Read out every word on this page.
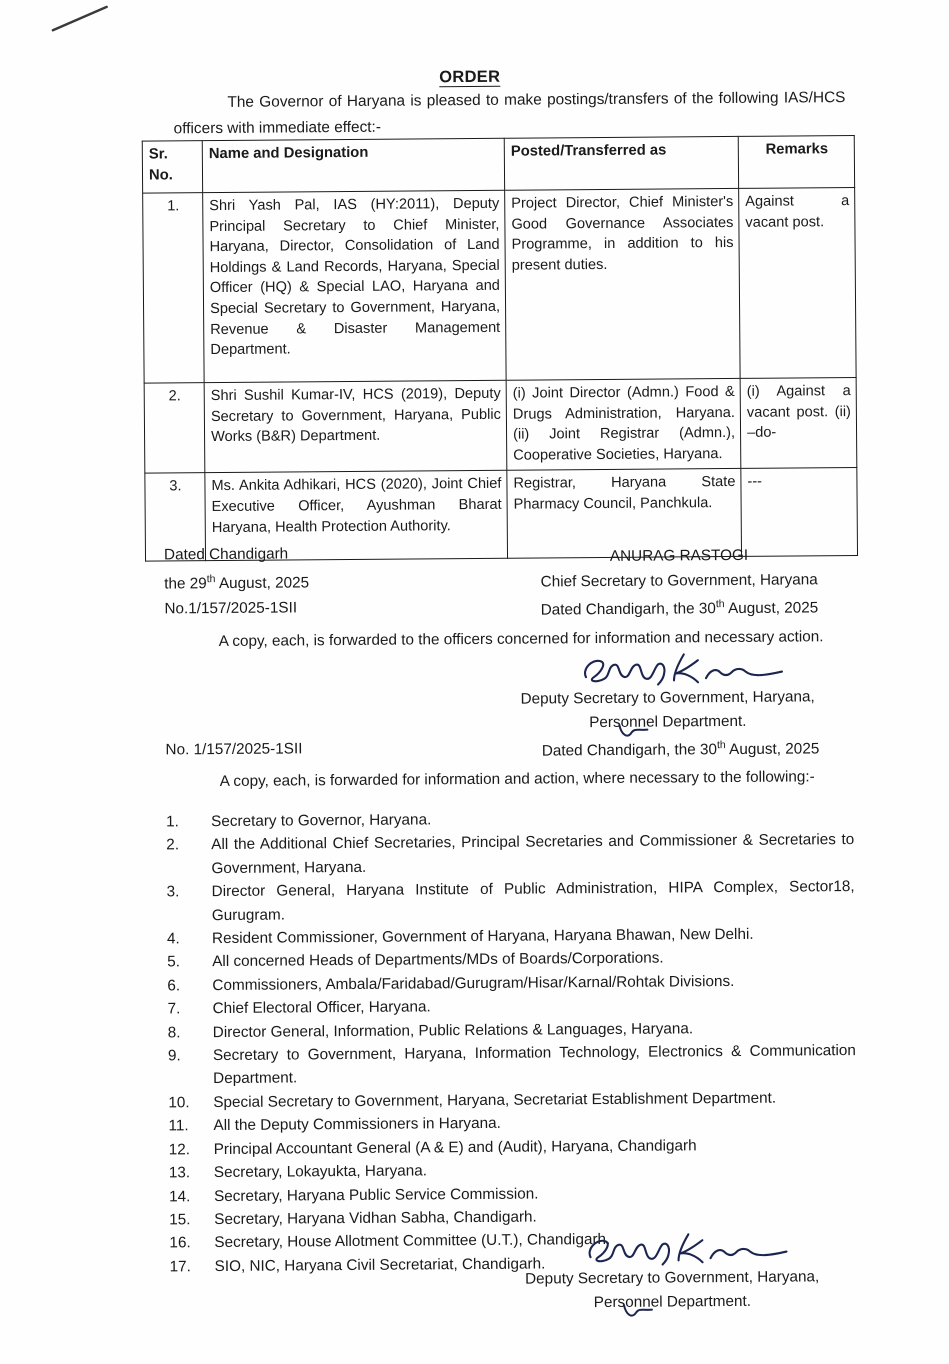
ORDER
The Governor of Haryana is pleased to make postings/transfers of the following IAS/HCS officers with immediate effect:-
Sr.
No.	Name and Designation	Posted/Transferred as	Remarks
1.	Shri Yash Pal, IAS (HY:2011), Deputy Principal Secretary to Chief Minister, Haryana, Director, Consolidation of Land Holdings & Land Records, Haryana, Special Officer (HQ) & Special LAO, Haryana and Special Secretary to Government, Haryana, Revenue & Disaster Management Department.	Project Director, Chief Minister's Good Governance Associates Programme, in addition to his present duties.	Against a vacant post.
2.	Shri Sushil Kumar-IV, HCS (2019), Deputy Secretary to Government, Haryana, Public Works (B&R) Department.	(i) Joint Director (Admn.) Food & Drugs Administration, Haryana. (ii) Joint Registrar (Admn.), Cooperative Societies, Haryana.	(i) Against a vacant post. (ii) –do-
3.	Ms. Ankita Adhikari, HCS (2020), Joint Chief Executive Officer, Ayushman Bharat Haryana, Health Protection Authority.	Registrar, Haryana State Pharmacy Council, Panchkula.	---
Dated Chandigarh
the 29th August, 2025
ANURAG RASTOGI
Chief Secretary to Government, Haryana
No.1/157/2025-1SII	Dated Chandigarh, the 30th August, 2025
A copy, each, is forwarded to the officers concerned for information and necessary action.
Deputy Secretary to Government, Haryana,
Personnel Department.
No. 1/157/2025-1SII	Dated Chandigarh, the 30th August, 2025
A copy, each, is forwarded for information and action, where necessary to the following:-
1.	Secretary to Governor, Haryana.
2.	All the Additional Chief Secretaries, Principal Secretaries and Commissioner & Secretaries to Government, Haryana.
3.	Director General, Haryana Institute of Public Administration, HIPA Complex, Sector18, Gurugram.
4.	Resident Commissioner, Government of Haryana, Haryana Bhawan, New Delhi.
5.	All concerned Heads of Departments/MDs of Boards/Corporations.
6.	Commissioners, Ambala/Faridabad/Gurugram/Hisar/Karnal/Rohtak Divisions.
7.	Chief Electoral Officer, Haryana.
8.	Director General, Information, Public Relations & Languages, Haryana.
9.	Secretary to Government, Haryana, Information Technology, Electronics & Communication Department.
10.	Special Secretary to Government, Haryana, Secretariat Establishment Department.
11.	All the Deputy Commissioners in Haryana.
12.	Principal Accountant General (A & E) and (Audit), Haryana, Chandigarh
13.	Secretary, Lokayukta, Haryana.
14.	Secretary, Haryana Public Service Commission.
15.	Secretary, Haryana Vidhan Sabha, Chandigarh.
16.	Secretary, House Allotment Committee (U.T.), Chandigarh.
17.	SIO, NIC, Haryana Civil Secretariat, Chandigarh.
Deputy Secretary to Government, Haryana,
Personnel Department.
